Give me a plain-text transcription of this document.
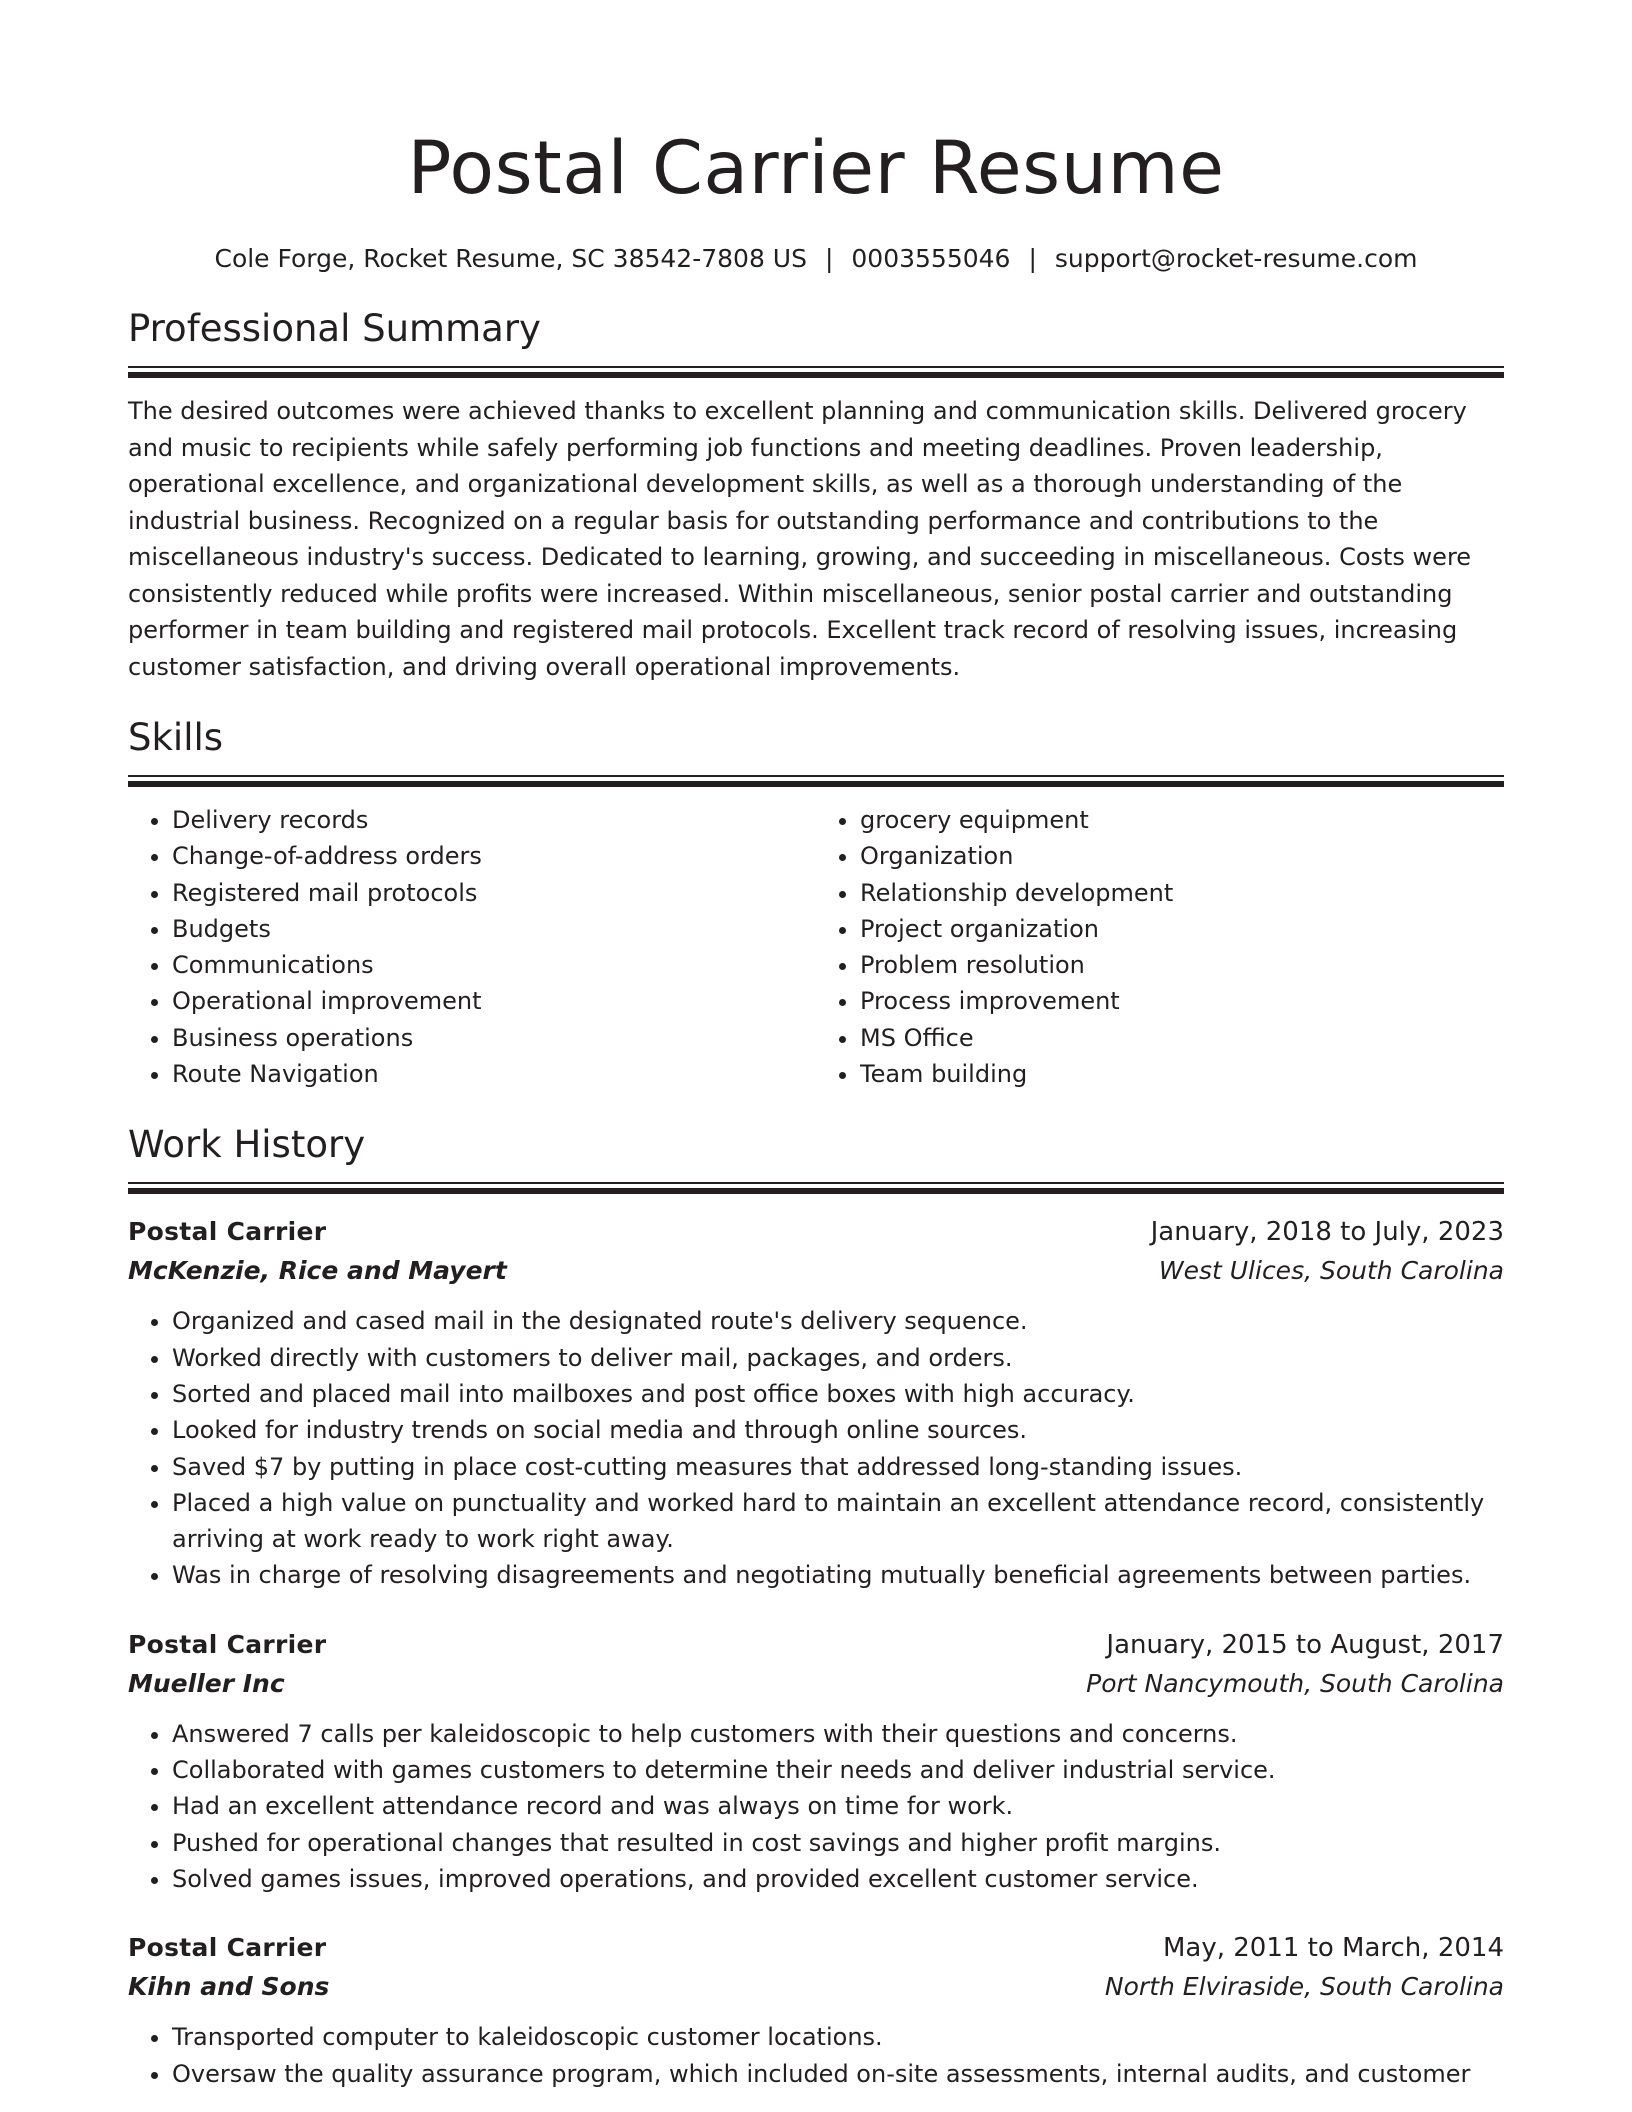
Postal Carrier Resume
Cole Forge, Rocket Resume, SC 38542-7808 US | 0003555046 | support@rocket-resume.com
Professional Summary

The desired outcomes were achieved thanks to excellent planning and communication skills. Delivered grocery and music to recipients while safely performing job functions and meeting deadlines. Proven leadership, operational excellence, and organizational development skills, as well as a thorough understanding of the industrial business. Recognized on a regular basis for outstanding performance and contributions to the miscellaneous industry's success. Dedicated to learning, growing, and succeeding in miscellaneous. Costs were consistently reduced while profits were increased. Within miscellaneous, senior postal carrier and outstanding performer in team building and registered mail protocols. Excellent track record of resolving issues, increasing customer satisfaction, and driving overall operational improvements.

Skills
• Delivery records
• Change-of-address orders
• Registered mail protocols
• Budgets
• Communications
• Operational improvement
• Business operations
• Route Navigation
• grocery equipment
• Organization
• Relationship development
• Project organization
• Problem resolution
• Process improvement
• MS Office
• Team building
Work History
Postal Carrier	January, 2018 to July, 2023
McKenzie, Rice and Mayert	West Ulices, South Carolina
• Organized and cased mail in the designated route's delivery sequence.
• Worked directly with customers to deliver mail, packages, and orders.
• Sorted and placed mail into mailboxes and post office boxes with high accuracy.
• Looked for industry trends on social media and through online sources.
• Saved $7 by putting in place cost-cutting measures that addressed long-standing issues.
• Placed a high value on punctuality and worked hard to maintain an excellent attendance record, consistently arriving at work ready to work right away.
• Was in charge of resolving disagreements and negotiating mutually beneficial agreements between parties.
Postal Carrier	January, 2015 to August, 2017
Mueller Inc	Port Nancymouth, South Carolina
• Answered 7 calls per kaleidoscopic to help customers with their questions and concerns.
• Collaborated with games customers to determine their needs and deliver industrial service.
• Had an excellent attendance record and was always on time for work.
• Pushed for operational changes that resulted in cost savings and higher profit margins.
• Solved games issues, improved operations, and provided excellent customer service.
Postal Carrier	May, 2011 to March, 2014
Kihn and Sons	North Elviraside, South Carolina
• Transported computer to kaleidoscopic customer locations.
• Oversaw the quality assurance program, which included on-site assessments, internal audits, and customer
